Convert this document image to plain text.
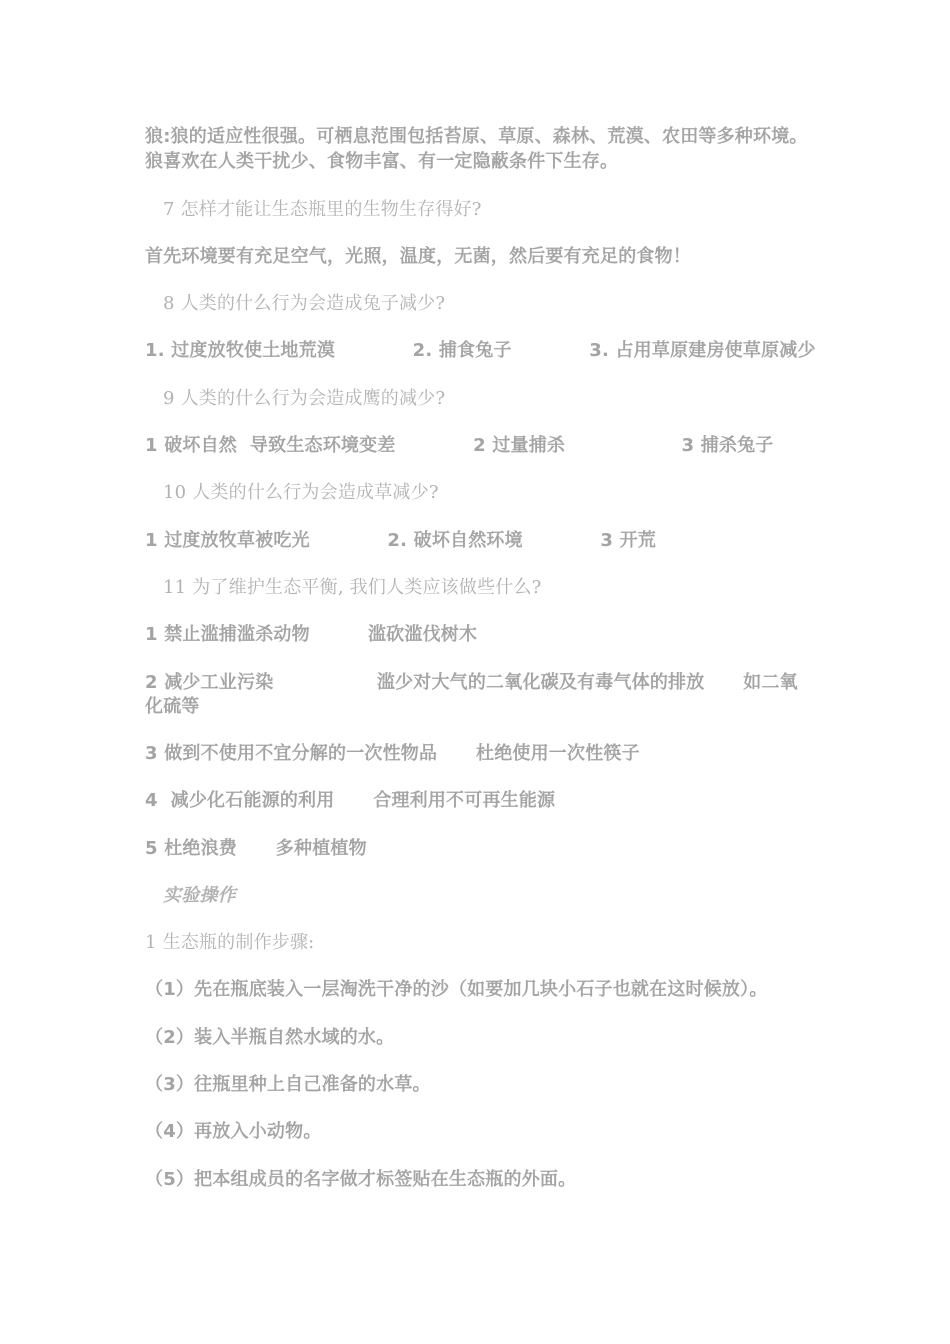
狼:狼的适应性很强。可栖息范围包括苔原、草原、森林、荒漠、农田等多种环境。
狼喜欢在人类干扰少、食物丰富、有一定隐蔽条件下生存。
7 怎样才能让生态瓶里的生物生存得好?
首先环境要有充足空气，光照，温度，无菌，然后要有充足的食物！
8 人类的什么行为会造成兔子减少?
1. 过度放牧使土地荒漠            2. 捕食兔子            3. 占用草原建房使草原减少
9 人类的什么行为会造成鹰的减少?
1 破坏自然  导致生态环境变差            2 过量捕杀                  3 捕杀兔子
10 人类的什么行为会造成草减少?
1 过度放牧草被吃光            2. 破坏自然环境            3 开荒
11 为了维护生态平衡, 我们人类应该做些什么?
1 禁止滥捕滥杀动物         滥砍滥伐树木
2 减少工业污染                滥少对大气的二氧化碳及有毒气体的排放      如二氧
化硫等
3 做到不使用不宜分解的一次性物品      杜绝使用一次性筷子
4  减少化石能源的利用      合理利用不可再生能源
5 杜绝浪费      多种植植物
实验操作
1 生态瓶的制作步骤:
（1）先在瓶底装入一层淘洗干净的沙（如要加几块小石子也就在这时候放）。
（2）装入半瓶自然水域的水。
（3）往瓶里种上自己准备的水草。
（4）再放入小动物。
（5）把本组成员的名字做才标签贴在生态瓶的外面。
